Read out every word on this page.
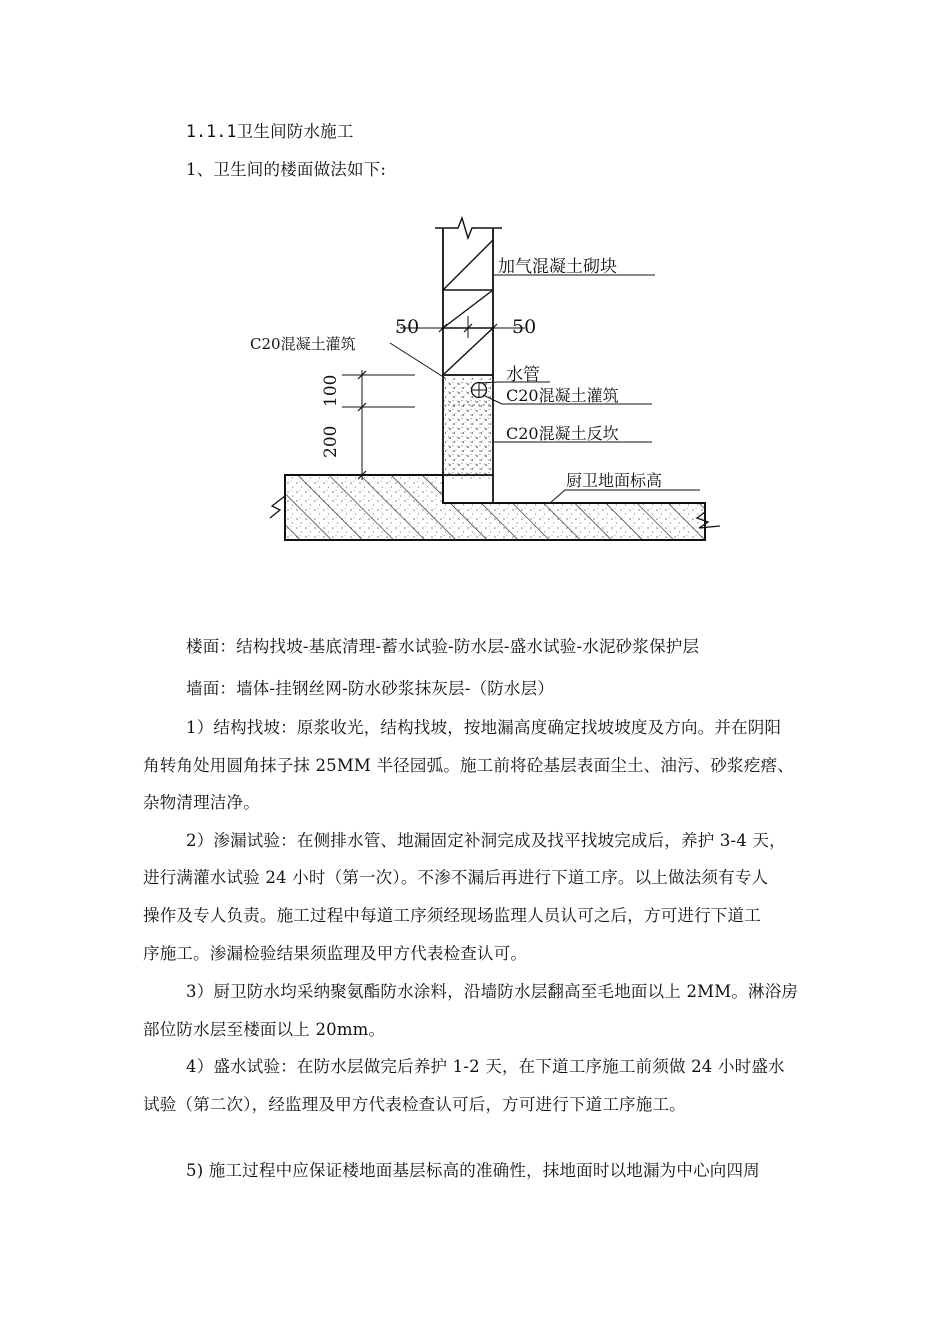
1.1.1卫生间防水施工
1、卫生间的楼面做法如下:
50	50
100
200
加气混凝土砌块
C20混凝土灌筑
水管
C20混凝土灌筑
C20混凝土反坎
厨卫地面标高
楼面：结构找坡-基底清理-蓄水试验-防水层-盛水试验-水泥砂浆保护层
墙面：墙体-挂钢丝网-防水砂浆抹灰层-（防水层）
1）结构找坡：原浆收光，结构找坡，按地漏高度确定找坡坡度及方向。并在阴阳
角转角处用圆角抹子抹 25MM 半径园弧。施工前将砼基层表面尘土、油污、砂浆疙瘩、
杂物清理洁净。
2）渗漏试验：在侧排水管、地漏固定补洞完成及找平找坡完成后，养护 3-4 天，
进行满灌水试验 24 小时（第一次）。不渗不漏后再进行下道工序。以上做法须有专人
操作及专人负责。施工过程中每道工序须经现场监理人员认可之后，方可进行下道工
序施工。渗漏检验结果须监理及甲方代表检查认可。
3）厨卫防水均采纳聚氨酯防水涂料，沿墙防水层翻高至毛地面以上 2MM。淋浴房
部位防水层至楼面以上 20mm。
4）盛水试验：在防水层做完后养护 1-2 天，在下道工序施工前须做 24 小时盛水
试验（第二次），经监理及甲方代表检查认可后，方可进行下道工序施工。
5) 施工过程中应保证楼地面基层标高的准确性，抹地面时以地漏为中心向四周
